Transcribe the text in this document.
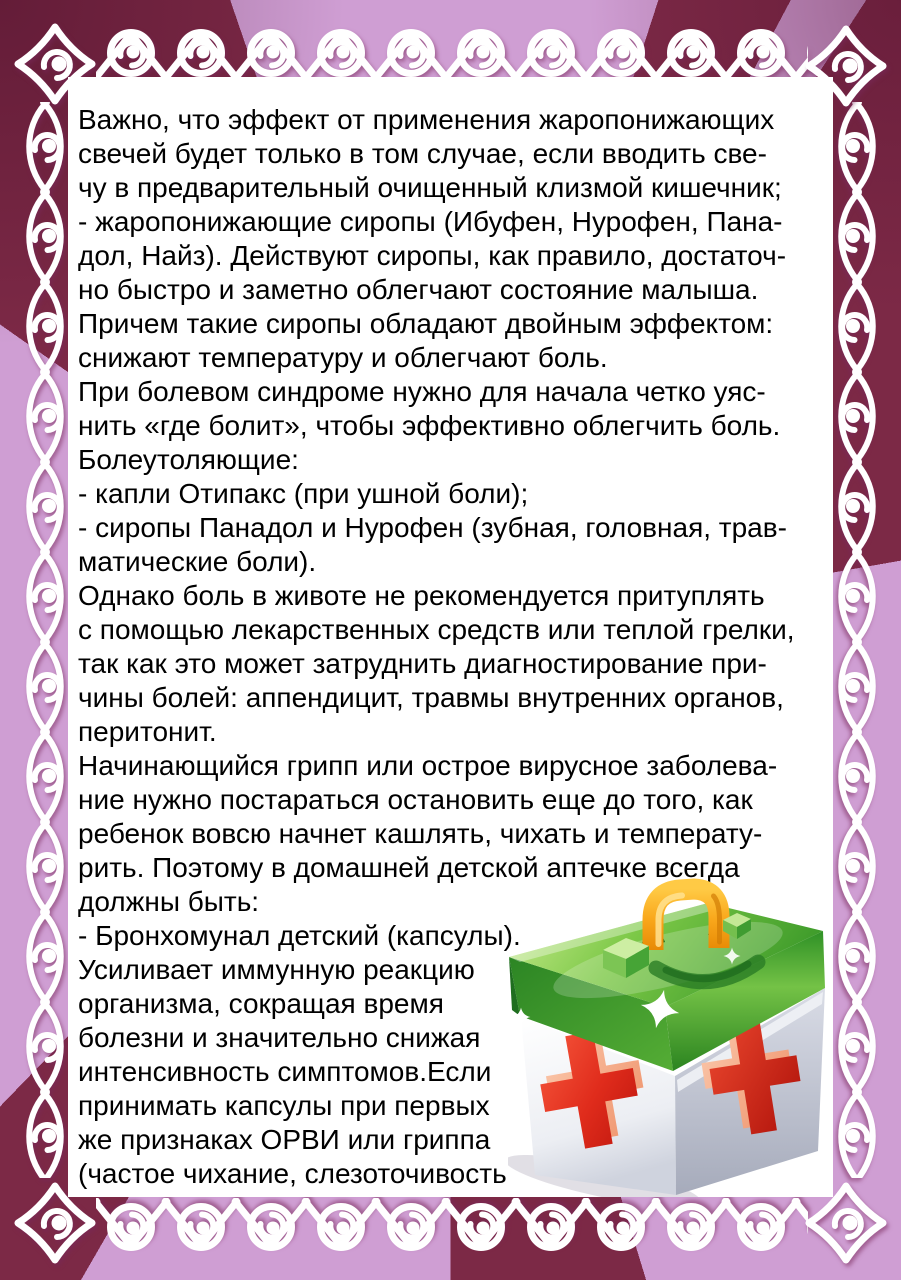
Важно, что эффект от применения жаропонижающих
свечей будет только в том случае, если вводить све-
чу в предварительный очищенный клизмой кишечник;
- жаропонижающие сиропы (Ибуфен, Нурофен, Пана-
дол, Найз). Действуют сиропы, как правило, достаточ-
но быстро и заметно облегчают состояние малыша.
Причем такие сиропы обладают двойным эффектом:
снижают температуру и облегчают боль.
При болевом синдроме нужно для начала четко уяс-
нить «где болит», чтобы эффективно облегчить боль.
Болеутоляющие:
- капли Отипакс (при ушной боли);
- сиропы Панадол и Нурофен (зубная, головная, трав-
матические боли).
Однако боль в животе не рекомендуется притуплять
с помощью лекарственных средств или теплой грелки,
так как это может затруднить диагностирование при-
чины болей: аппендицит, травмы внутренних органов,
перитонит.
Начинающийся грипп или острое вирусное заболева-
ние нужно постараться остановить еще до того, как
ребенок вовсю начнет кашлять, чихать и температу-
рить. Поэтому в домашней детской аптечке всегда
должны быть:
- Бронхомунал детский (капсулы).
Усиливает иммунную реакцию
организма, сокращая время
болезни и значительно снижая
интенсивность симптомов.Если
принимать капсулы при первых
же признаках ОРВИ или гриппа
(частое чихание, слезоточивость
